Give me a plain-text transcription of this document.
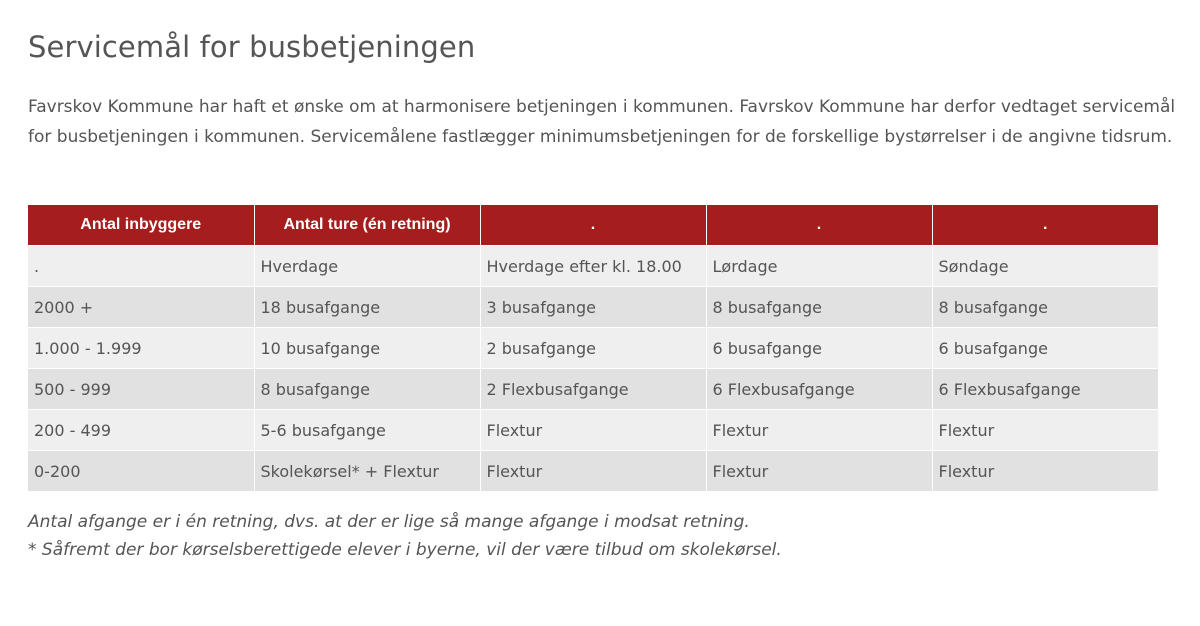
Servicemål for busbetjeningen

Favrskov Kommune har haft et ønske om at harmonisere betjeningen i kommunen. Favrskov Kommune har derfor vedtaget servicemål for busbetjeningen i kommunen. Servicemålene fastlægger minimumsbetjeningen for de forskellige bystørrelser i de angivne tidsrum.

Antal inbyggere	Antal ture (én retning)	.	.	.
.	Hverdage	Hverdage efter kl. 18.00	Lørdage	Søndage
2000 +	18 busafgange	3 busafgange	8 busafgange	8 busafgange
1.000 - 1.999	10 busafgange	2 busafgange	6 busafgange	6 busafgange
500 - 999	8 busafgange	2 Flexbusafgange	6 Flexbusafgange	6 Flexbusafgange
200 - 499	5-6 busafgange	Flextur	Flextur	Flextur
0-200	Skolekørsel* + Flextur	Flextur	Flextur	Flextur

Antal afgange er i én retning, dvs. at der er lige så mange afgange i modsat retning.
* Såfremt der bor kørselsberettigede elever i byerne, vil der være tilbud om skolekørsel.
